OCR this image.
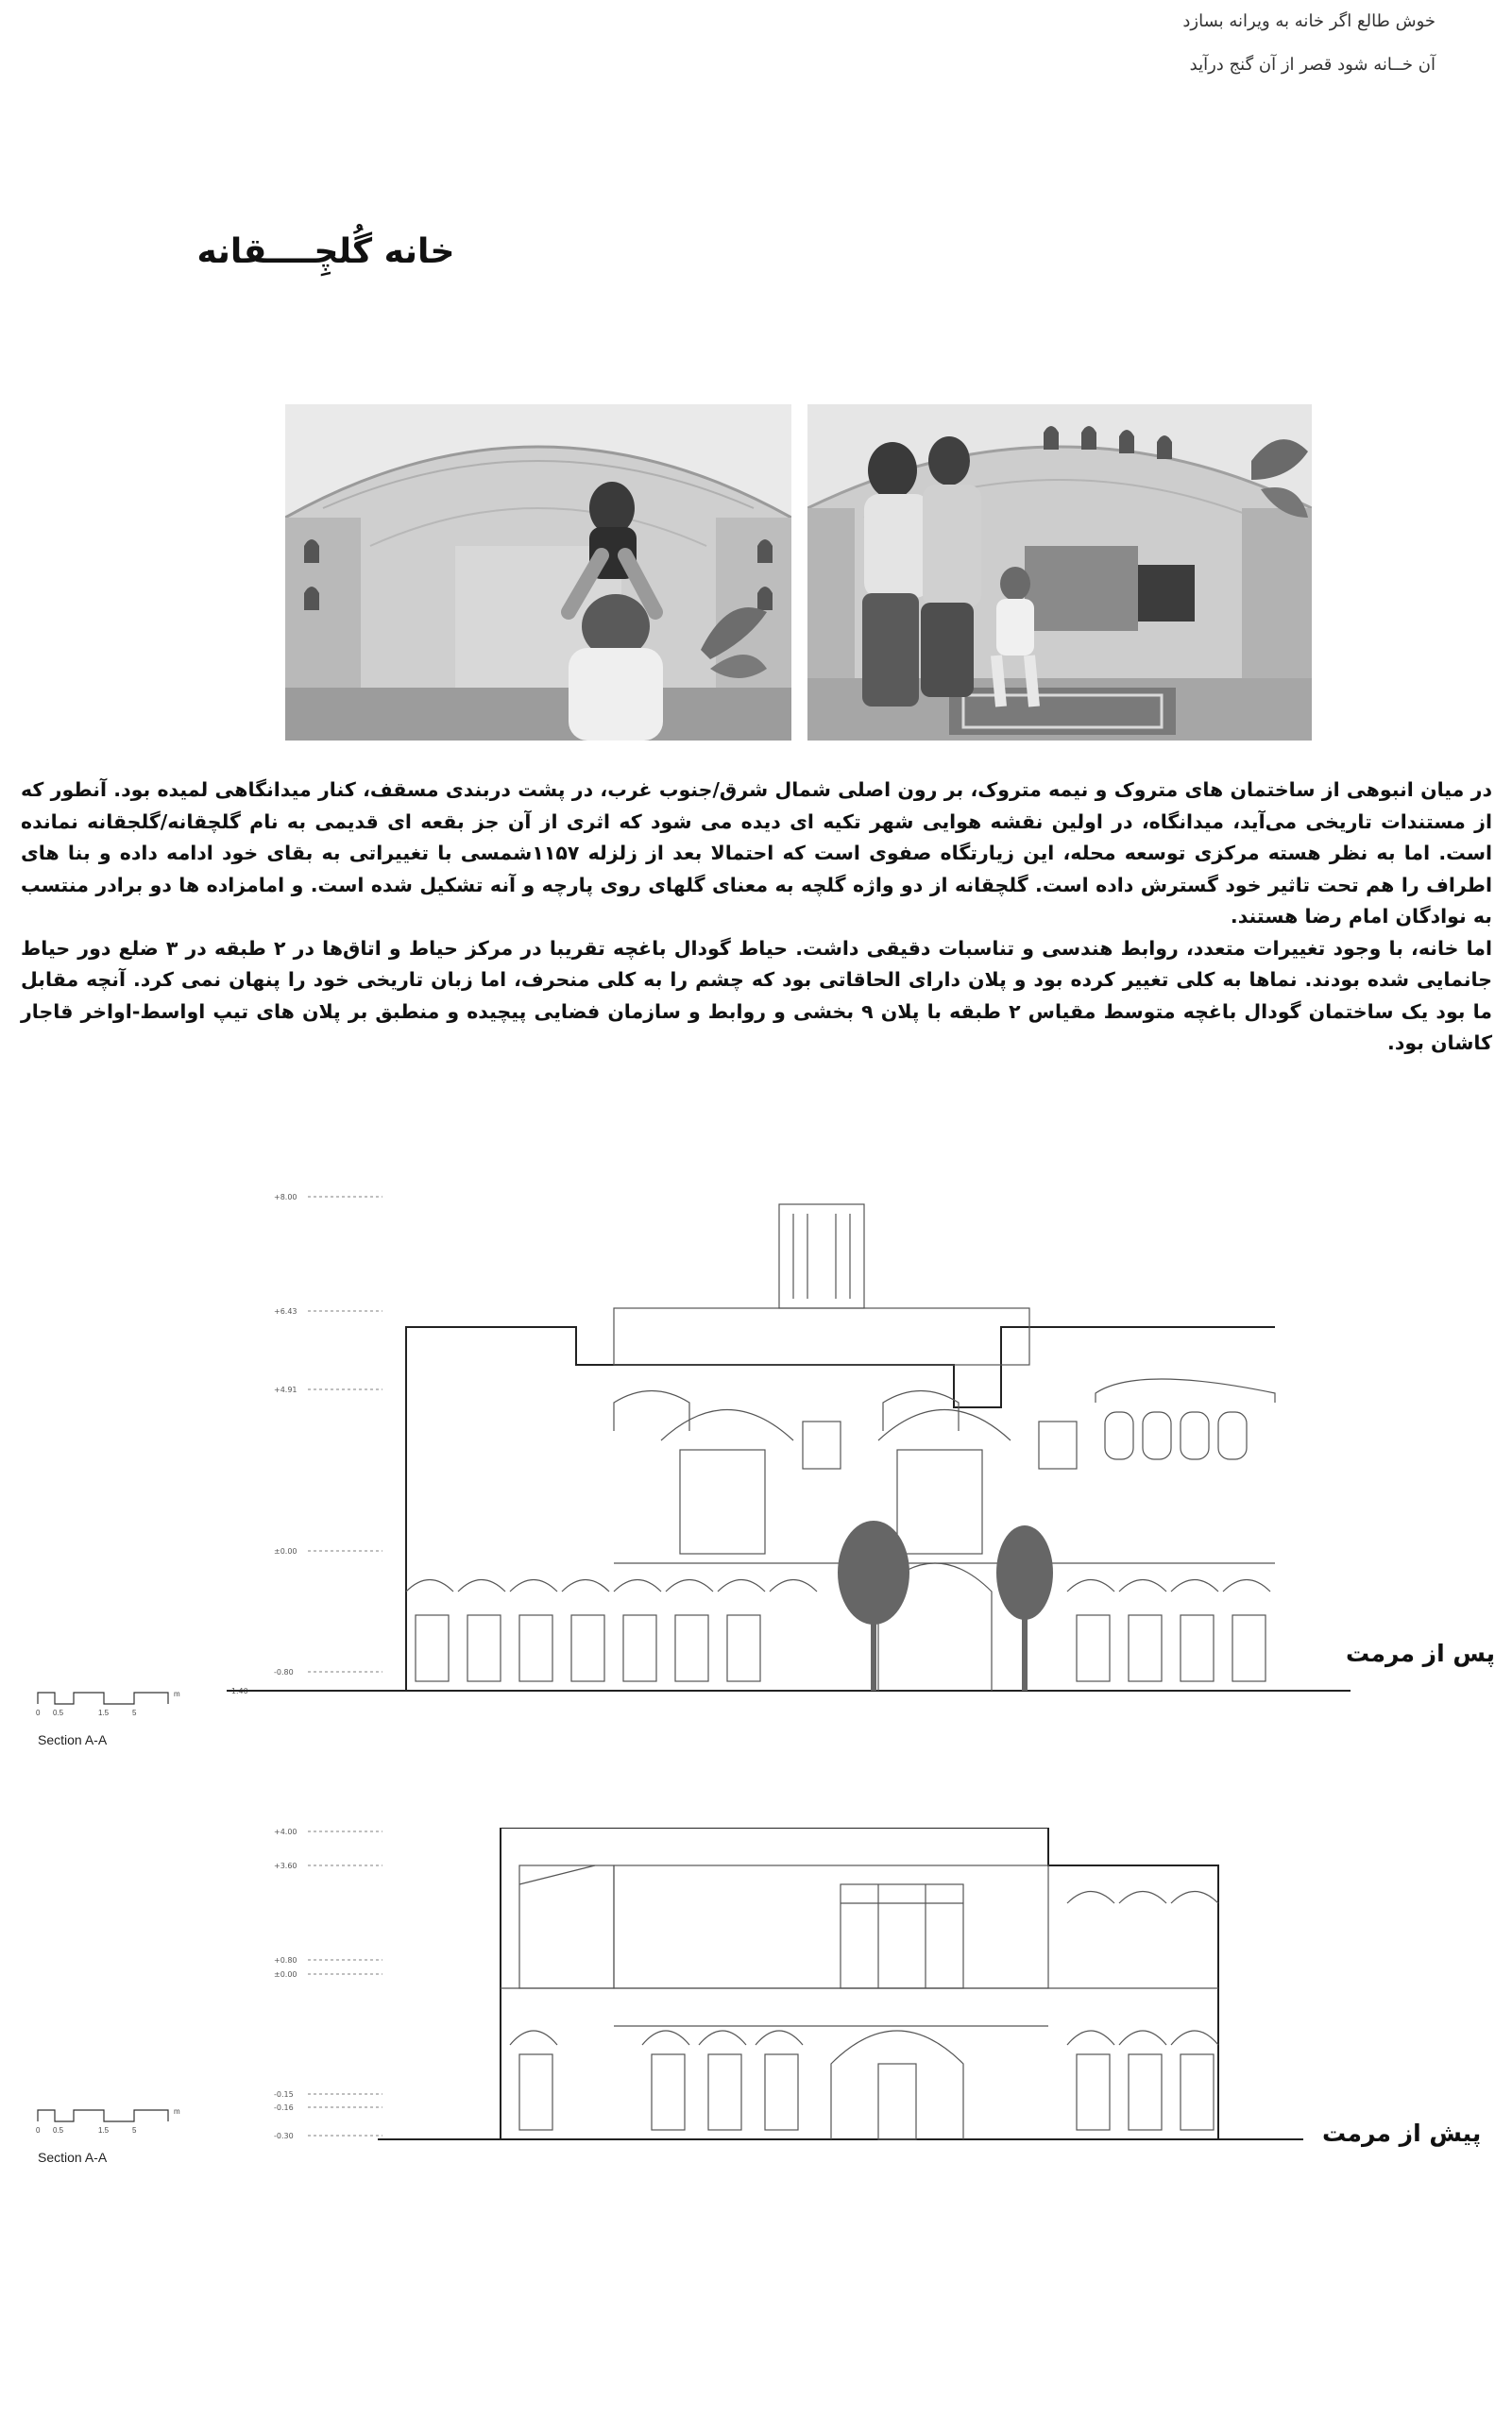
خوش طالع اگر خانه به ویرانه بسازد
آن خــانه شود قصر از آن گنج درآید
خانه گُلچِــــقانه

در میان انبوهی از ساختمان های متروک و نیمه متروک، بر رون اصلی شمال شرق/جنوب غرب، در پشت دربندی مسقف، کنار میدانگاهی لمیده بود. آنطور که از مستندات تاریخی می‌آید، میدانگاه، در اولین نقشه هوایی شهر تکیه ای دیده می شود که اثری از آن جز بقعه ای قدیمی به نام گلچقانه/گلجقانه نمانده است. اما به نظر هسته مرکزی توسعه محله، این زیارتگاه صفوی است که احتمالا بعد از زلزله ۱۱۵۷شمسی با تغییراتی به بقای خود ادامه داده و بنا های اطراف را هم تحت تاثیر خود گسترش داده است. گلچقانه از دو واژه گلچه به معنای گلهای روی پارچه و آنه تشکیل شده است. و امامزاده ها دو برادر منتسب به نوادگان امام رضا هستند.

اما خانه، با وجود تغییرات متعدد، روابط هندسی و تناسبات دقیقی داشت. حیاط گودال باغچه تقریبا در مرکز حیاط و اتاق‌ها در ۲ طبقه در ۳ ضلع دور حیاط جانمایی شده بودند. نماها به کلی تغییر کرده بود و پلان دارای الحاقاتی بود که چشم را به کلی منحرف، اما زبان تاریخی خود را پنهان نمی کرد. آنچه مقابل ما بود یک ساختمان گودال باغچه متوسط مقیاس ۲ طبقه با پلان ۹ بخشی و روابط و سازمان فضایی پیچیده و منطبق بر پلان های تیپ اواسط-اواخر قاجار کاشان بود.

+8.00
+6.43
+4.91
±0.00
-0.80
-1.40
پس از مرمت
0 0.5	1.5	5
m
Section A-A
+4.00
+3.60
+0.80
±0.00
-0.15
-0.16
-0.30	پیش از مرمت
0 0.5	1.5	5
m
Section A-A
